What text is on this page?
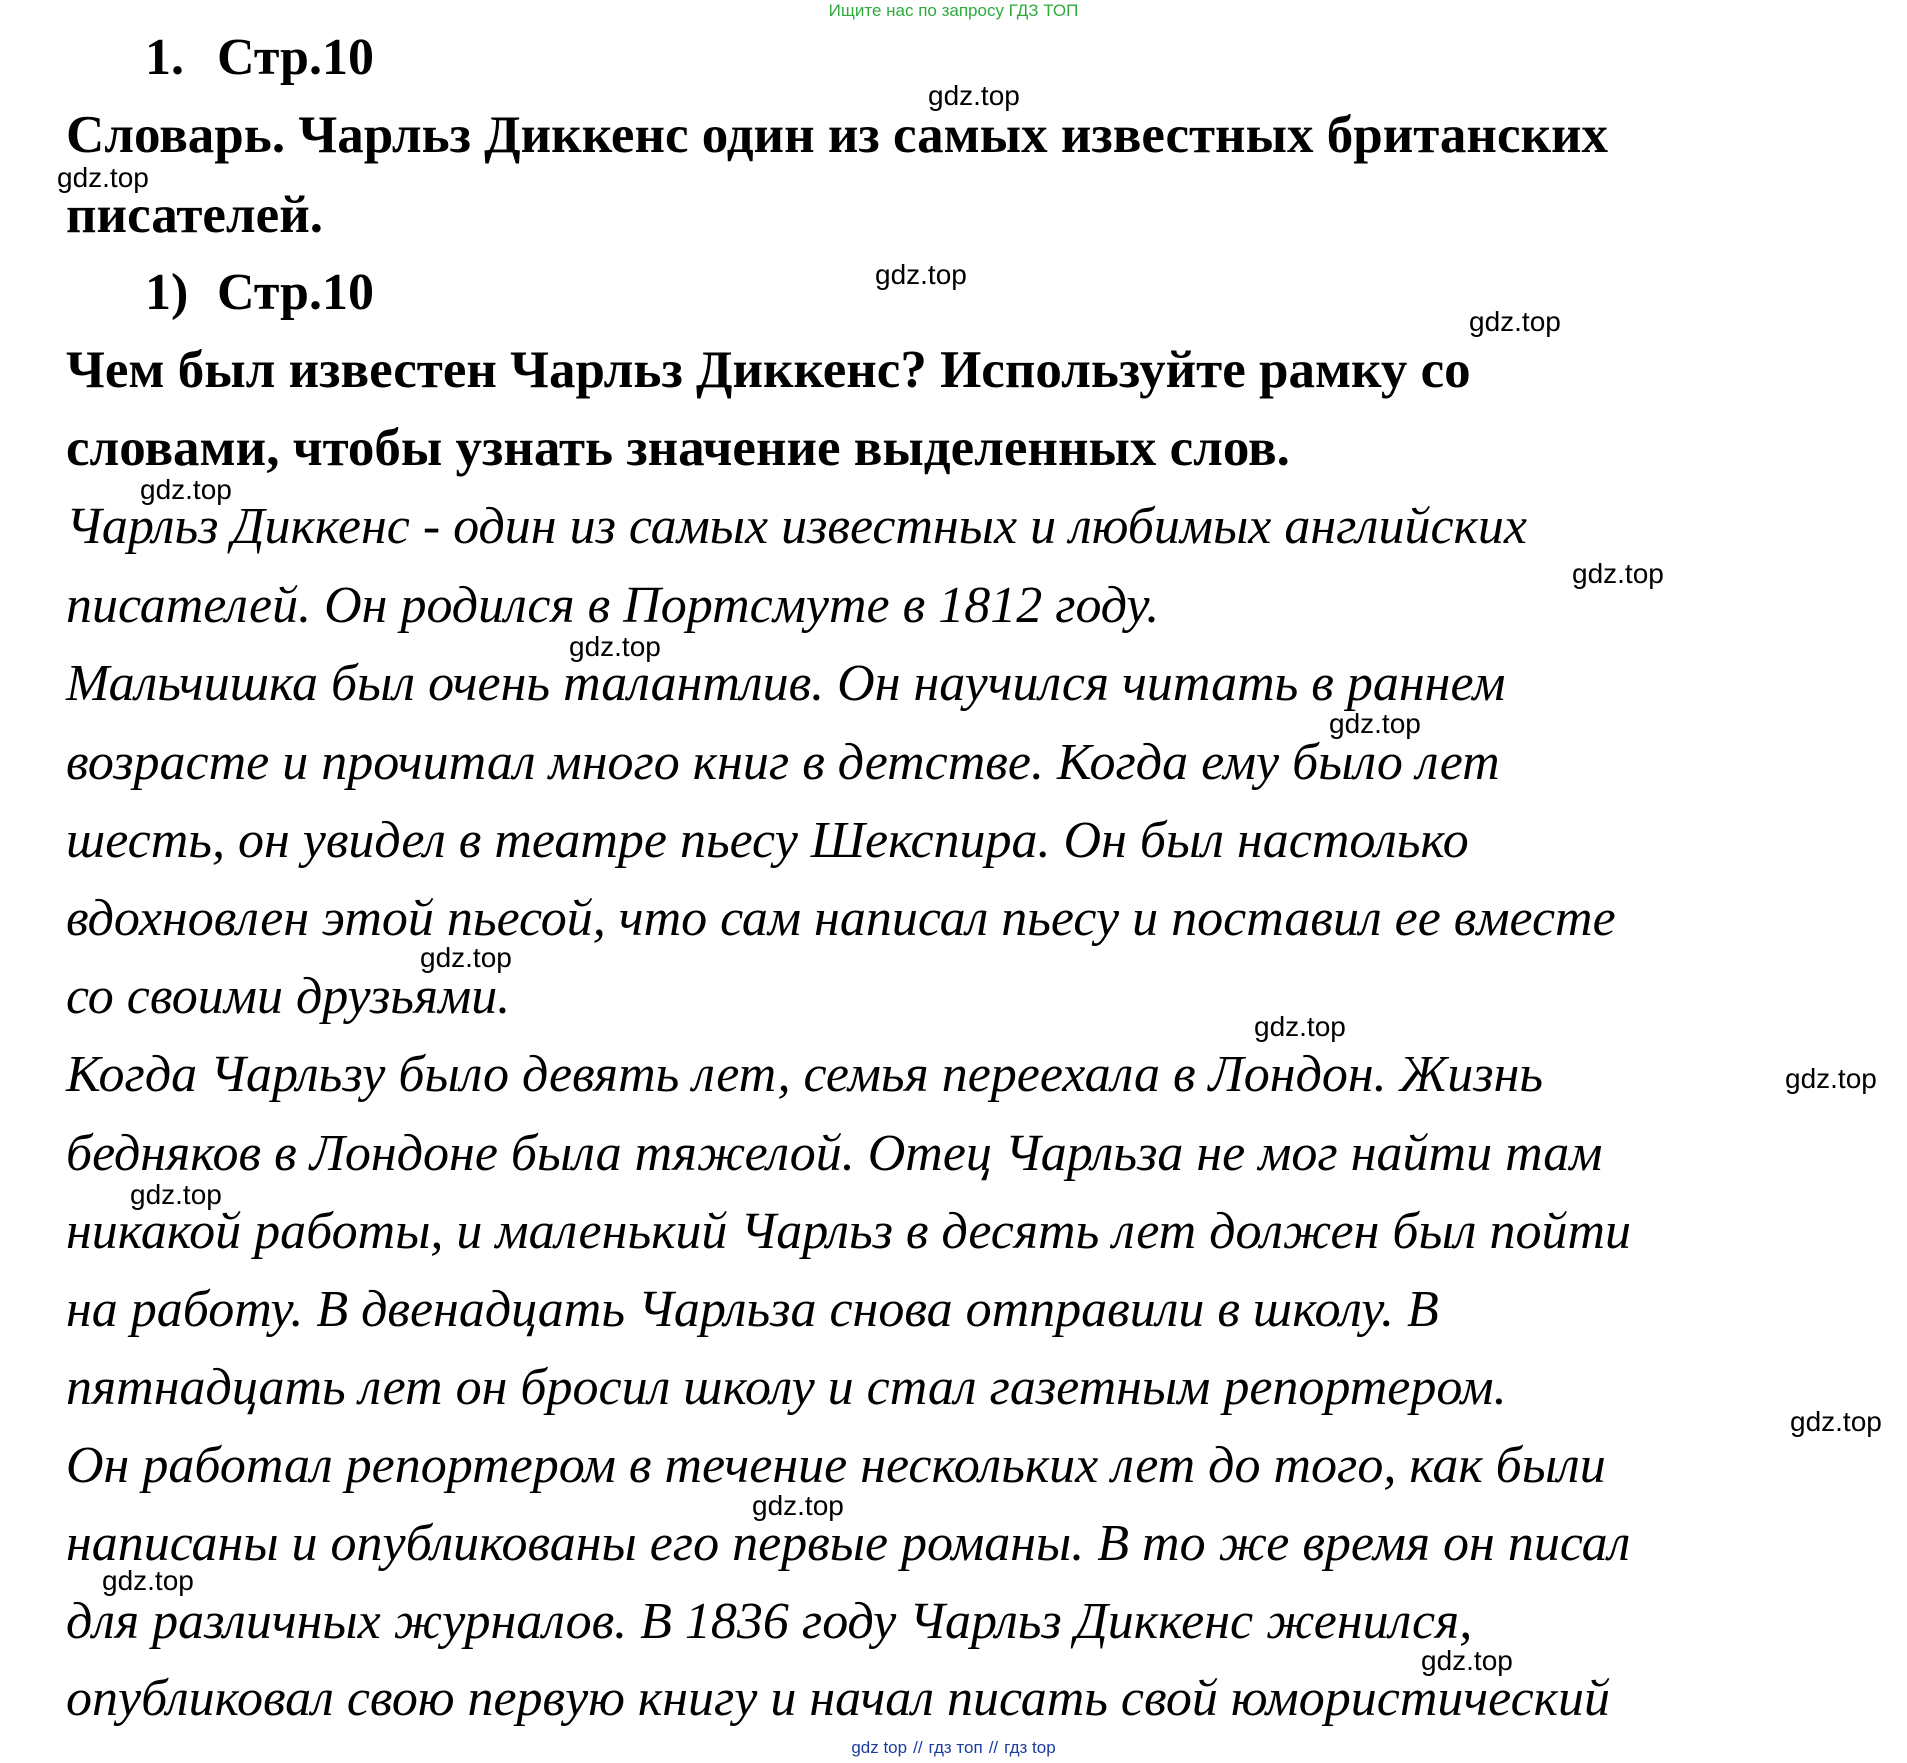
Ищите нас по запросу ГДЗ ТОП
1. Стр.10
Словарь. Чарльз Диккенс один из самых известных британских
писателей.
1) Стр.10
Чем был известен Чарльз Диккенс? Используйте рамку со
словами, чтобы узнать значение выделенных слов.
Чарльз Диккенс - один из самых известных и любимых английских
писателей. Он родился в Портсмуте в 1812 году.
Мальчишка был очень талантлив. Он научился читать в раннем
возрасте и прочитал много книг в детстве. Когда ему было лет
шесть, он увидел в театре пьесу Шекспира. Он был настолько
вдохновлен этой пьесой, что сам написал пьесу и поставил ее вместе
со своими друзьями.
Когда Чарльзу было девять лет, семья переехала в Лондон. Жизнь
бедняков в Лондоне была тяжелой. Отец Чарльза не мог найти там
никакой работы, и маленький Чарльз в десять лет должен был пойти
на работу. В двенадцать Чарльза снова отправили в школу. В
пятнадцать лет он бросил школу и стал газетным репортером.
Он работал репортером в течение нескольких лет до того, как были
написаны и опубликованы его первые романы. В то же время он писал
для различных журналов. В 1836 году Чарльз Диккенс женился,
опубликовал свою первую книгу и начал писать свой юмористический
gdz.top
gdz.top
gdz.top
gdz.top
gdz.top
gdz.top
gdz.top
gdz.top
gdz.top
gdz.top
gdz.top
gdz.top
gdz.top
gdz.top
gdz.top
gdz.top
gdz top // гдз топ // гдз top
